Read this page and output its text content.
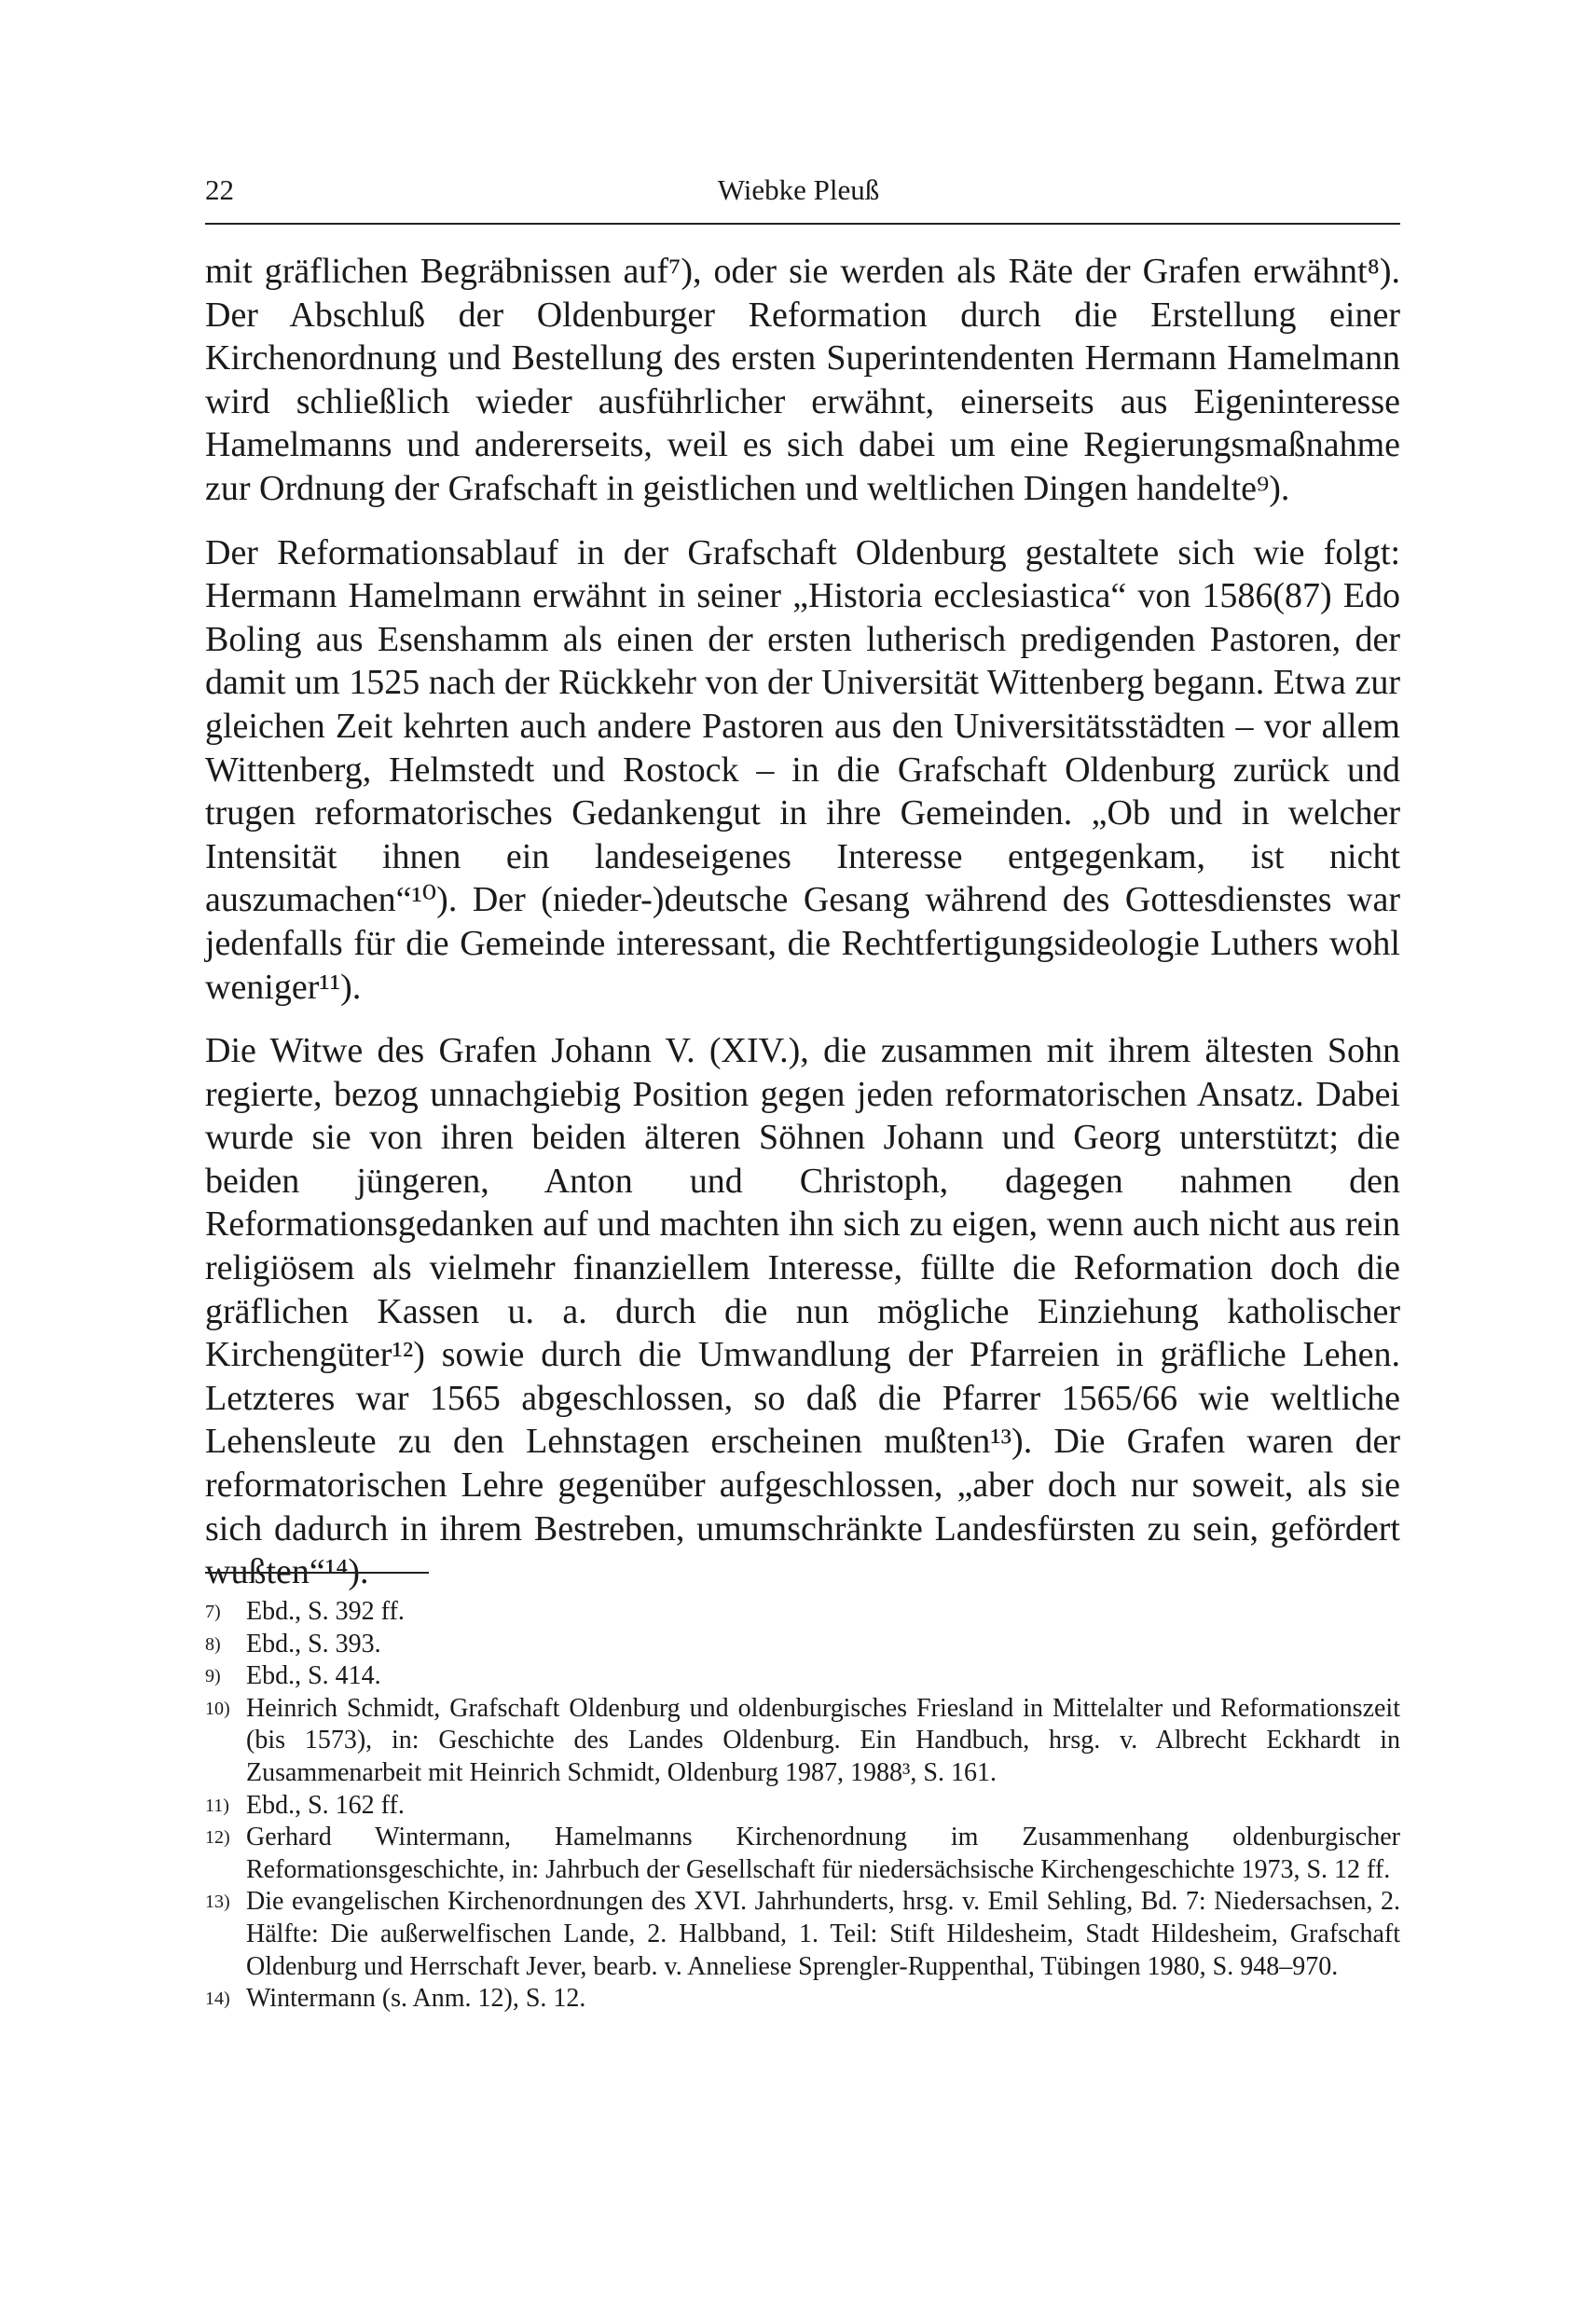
22	Wiebke Pleuß

mit gräflichen Begräbnissen auf⁷), oder sie werden als Räte der Grafen erwähnt⁸). Der Abschluß der Oldenburger Reformation durch die Erstellung einer Kirchenordnung und Bestellung des ersten Superintendenten Hermann Hamelmann wird schließlich wieder ausführlicher erwähnt, einerseits aus Eigeninteresse Hamelmanns und andererseits, weil es sich dabei um eine Regierungsmaßnahme zur Ordnung der Grafschaft in geistlichen und weltlichen Dingen handelte⁹).

Der Reformationsablauf in der Grafschaft Oldenburg gestaltete sich wie folgt: Hermann Hamelmann erwähnt in seiner „Historia ecclesiastica“ von 1586(87) Edo Boling aus Esenshamm als einen der ersten lutherisch predigenden Pastoren, der damit um 1525 nach der Rückkehr von der Universität Wittenberg begann. Etwa zur gleichen Zeit kehrten auch andere Pastoren aus den Universitätsstädten – vor allem Wittenberg, Helmstedt und Rostock – in die Grafschaft Oldenburg zurück und trugen reformatorisches Gedankengut in ihre Gemeinden. „Ob und in welcher Intensität ihnen ein landeseigenes Interesse entgegenkam, ist nicht auszumachen“¹⁰). Der (nieder-)deutsche Gesang während des Gottesdienstes war jedenfalls für die Gemeinde interessant, die Rechtfertigungsideologie Luthers wohl weniger¹¹).

Die Witwe des Grafen Johann V. (XIV.), die zusammen mit ihrem ältesten Sohn regierte, bezog unnachgiebig Position gegen jeden reformatorischen Ansatz. Dabei wurde sie von ihren beiden älteren Söhnen Johann und Georg unterstützt; die beiden jüngeren, Anton und Christoph, dagegen nahmen den Reformationsgedanken auf und machten ihn sich zu eigen, wenn auch nicht aus rein religiösem als vielmehr finanziellem Interesse, füllte die Reformation doch die gräflichen Kassen u. a. durch die nun mögliche Einziehung katholischer Kirchengüter¹²) sowie durch die Umwandlung der Pfarreien in gräfliche Lehen. Letzteres war 1565 abgeschlossen, so daß die Pfarrer 1565/66 wie weltliche Lehensleute zu den Lehnstagen erscheinen mußten¹³). Die Grafen waren der reformatorischen Lehre gegenüber aufgeschlossen, „aber doch nur soweit, als sie sich dadurch in ihrem Bestreben, umumschränkte Landesfürsten zu sein, gefördert wußten“¹⁴).

7) Ebd., S. 392 ff.
8) Ebd., S. 393.
9) Ebd., S. 414.
10) Heinrich Schmidt, Grafschaft Oldenburg und oldenburgisches Friesland in Mittelalter und Reformationszeit (bis 1573), in: Geschichte des Landes Oldenburg. Ein Handbuch, hrsg. v. Albrecht Eckhardt in Zusammenarbeit mit Heinrich Schmidt, Oldenburg 1987, 1988³, S. 161.
11) Ebd., S. 162 ff.
12) Gerhard Wintermann, Hamelmanns Kirchenordnung im Zusammenhang oldenburgischer Reformationsgeschichte, in: Jahrbuch der Gesellschaft für niedersächsische Kirchengeschichte 1973, S. 12 ff.
13) Die evangelischen Kirchenordnungen des XVI. Jahrhunderts, hrsg. v. Emil Sehling, Bd. 7: Niedersachsen, 2. Hälfte: Die außerwelfischen Lande, 2. Halbband, 1. Teil: Stift Hildesheim, Stadt Hildesheim, Grafschaft Oldenburg und Herrschaft Jever, bearb. v. Anneliese Sprengler-Ruppenthal, Tübingen 1980, S. 948–970.
14) Wintermann (s. Anm. 12), S. 12.
